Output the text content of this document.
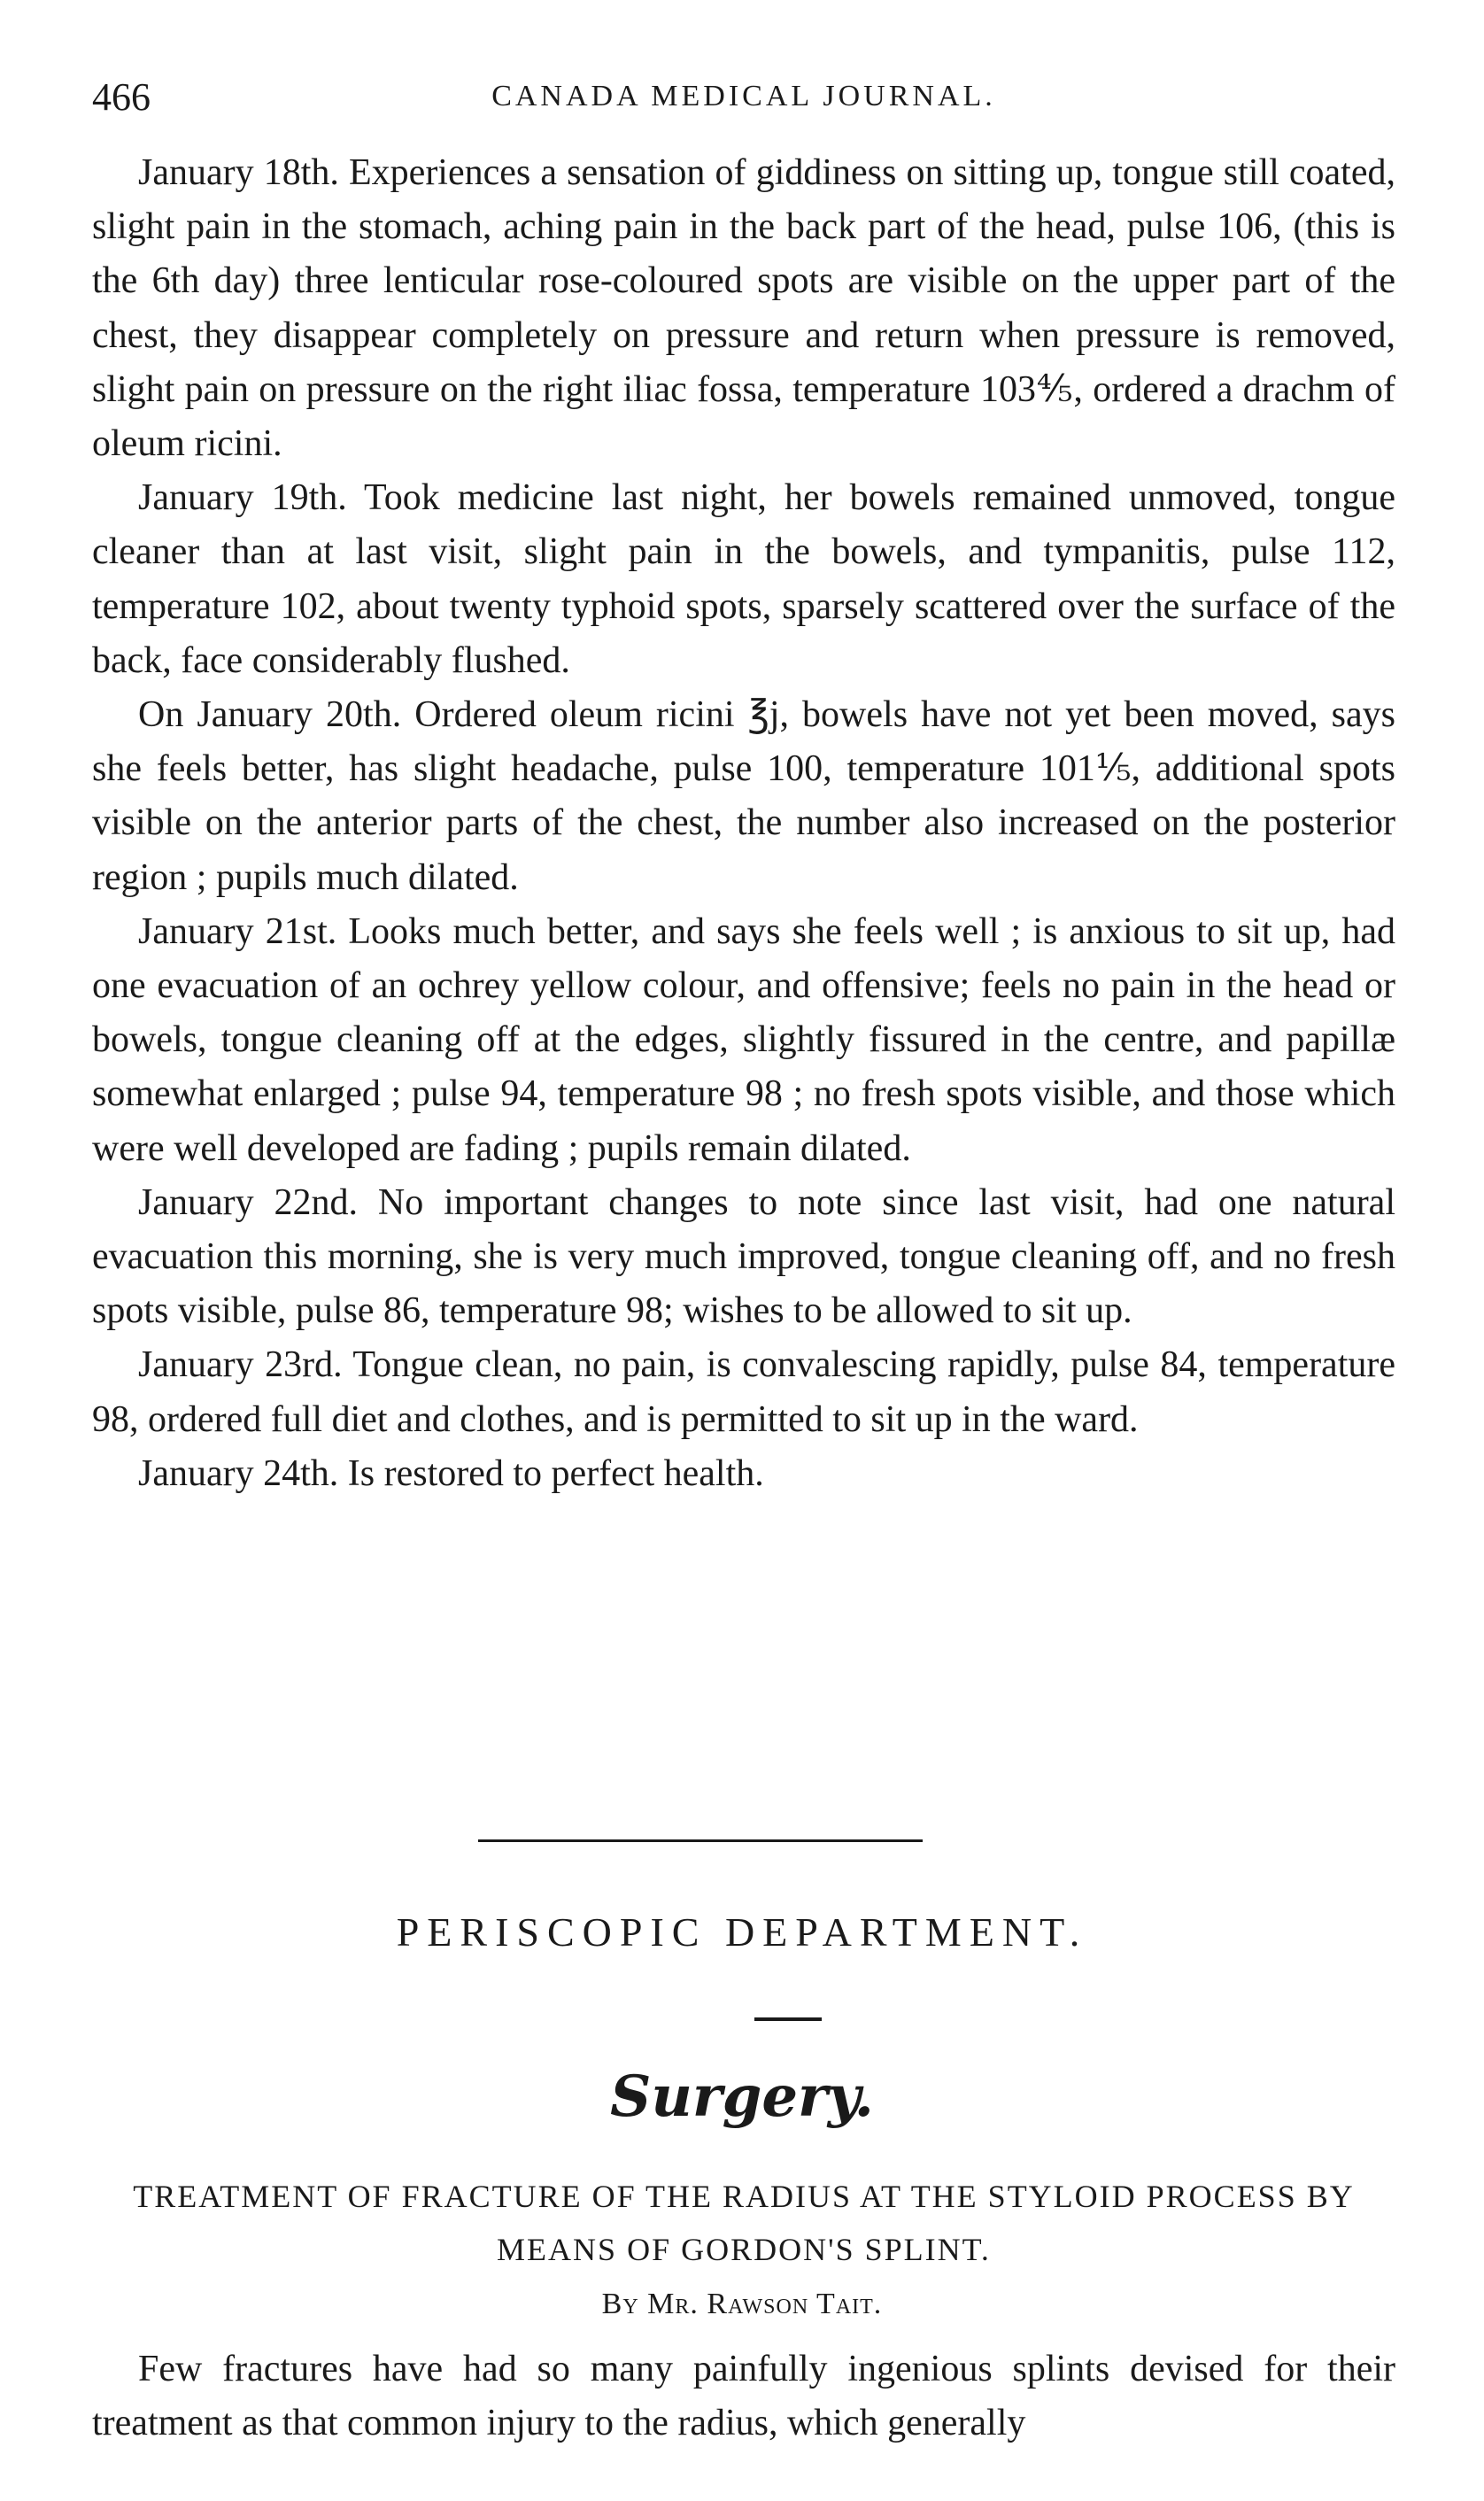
466	CANADA MEDICAL JOURNAL.

January 18th. Experiences a sensation of giddiness on sitting up, tongue still coated, slight pain in the stomach, aching pain in the back part of the head, pulse 106, (this is the 6th day) three lenticular rose-coloured spots are visible on the upper part of the chest, they disappear completely on pressure and return when pressure is removed, slight pain on pressure on the right iliac fossa, temperature 103⅘, ordered a drachm of oleum ricini.

January 19th. Took medicine last night, her bowels remained unmoved, tongue cleaner than at last visit, slight pain in the bowels, and tympanitis, pulse 112, temperature 102, about twenty typhoid spots, sparsely scattered over the surface of the back, face considerably flushed.

On January 20th. Ordered oleum ricini ℥j, bowels have not yet been moved, says she feels better, has slight headache, pulse 100, temperature 101⅕, additional spots visible on the anterior parts of the chest, the number also increased on the posterior region ; pupils much dilated.

January 21st. Looks much better, and says she feels well ; is anxious to sit up, had one evacuation of an ochrey yellow colour, and offensive; feels no pain in the head or bowels, tongue cleaning off at the edges, slightly fissured in the centre, and papillæ somewhat enlarged ; pulse 94, temperature 98 ; no fresh spots visible, and those which were well developed are fading ; pupils remain dilated.

January 22nd. No important changes to note since last visit, had one natural evacuation this morning, she is very much improved, tongue cleaning off, and no fresh spots visible, pulse 86, temperature 98; wishes to be allowed to sit up.

January 23rd. Tongue clean, no pain, is convalescing rapidly, pulse 84, temperature 98, ordered full diet and clothes, and is permitted to sit up in the ward.

January 24th. Is restored to perfect health.

PERISCOPIC DEPARTMENT.
Surgery.
TREATMENT OF FRACTURE OF THE RADIUS AT THE STYLOID PROCESS BY MEANS OF GORDON'S SPLINT.
By Mr. Rawson Tait.

Few fractures have had so many painfully ingenious splints devised for their treatment as that common injury to the radius, which generally
